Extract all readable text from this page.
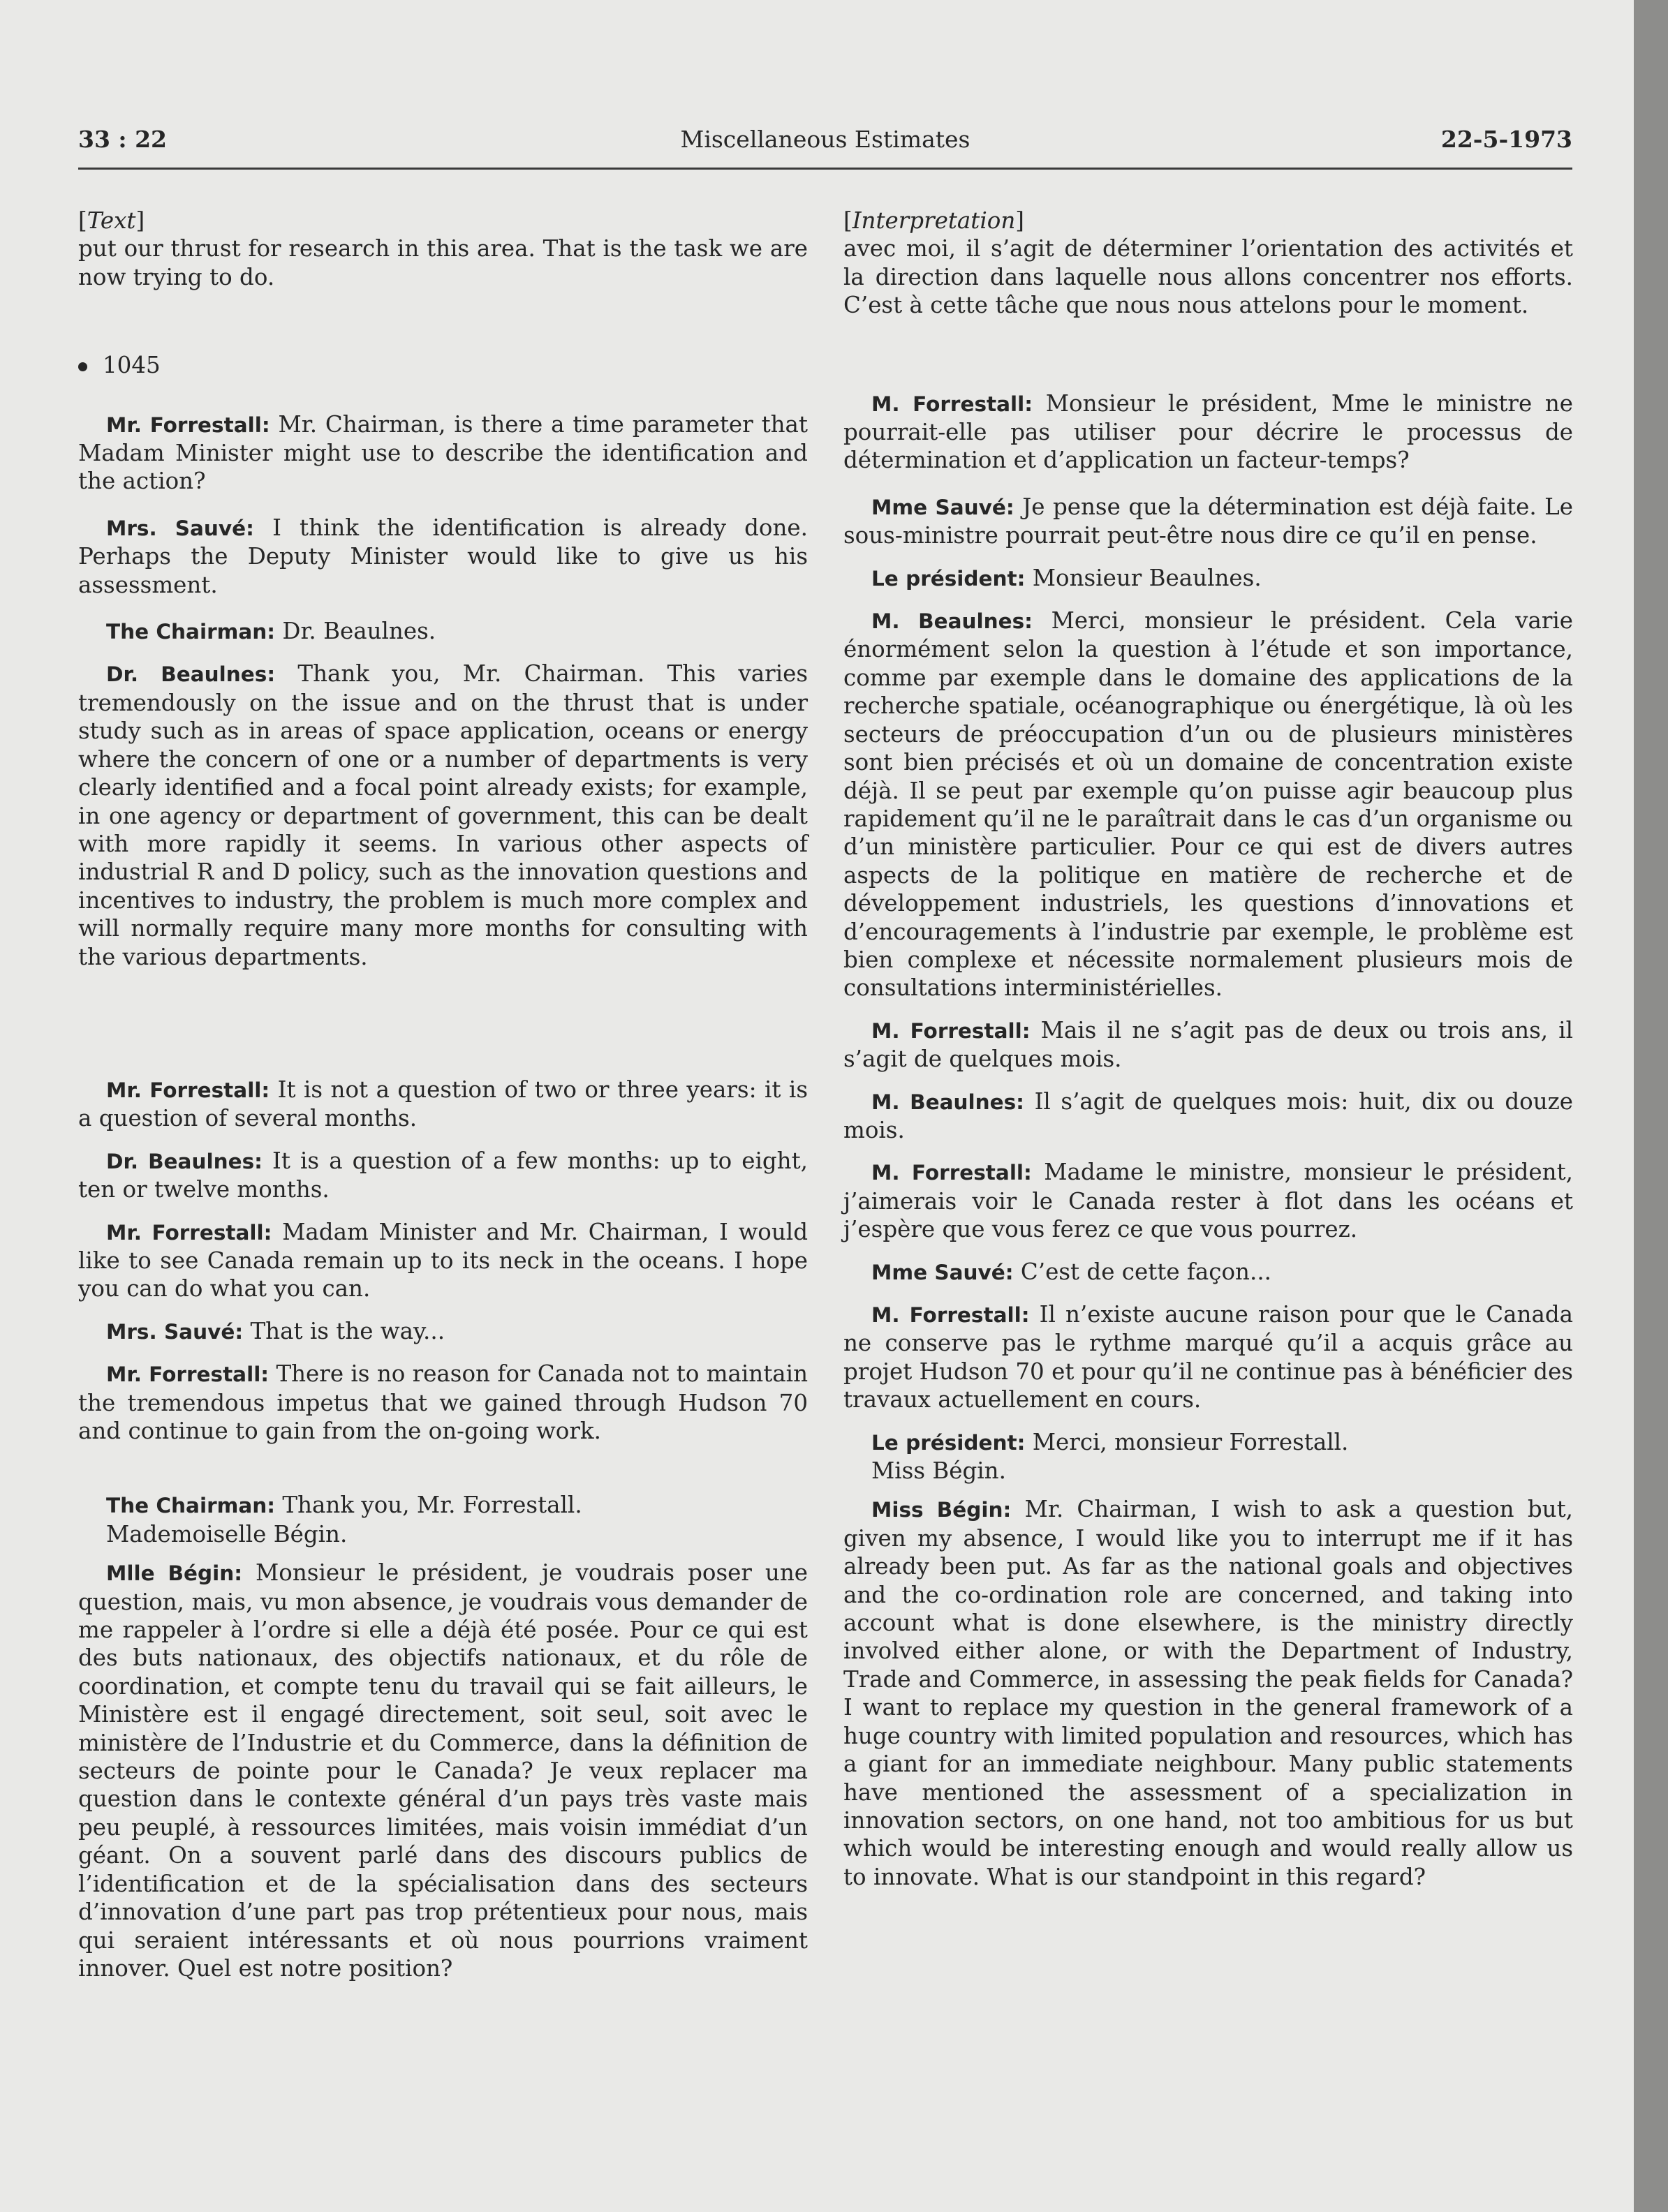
33 : 22	Miscellaneous Estimates	22-5-1973

[Text]

put our thrust for research in this area. That is the task we are now trying to do.

1045

Mr. Forrestall: Mr. Chairman, is there a time parameter that Madam Minister might use to describe the identification and the action?

Mrs. Sauvé: I think the identification is already done. Perhaps the Deputy Minister would like to give us his assessment.

The Chairman: Dr. Beaulnes.

Dr. Beaulnes: Thank you, Mr. Chairman. This varies tremendously on the issue and on the thrust that is under study such as in areas of space application, oceans or energy where the concern of one or a number of departments is very clearly identified and a focal point already exists; for example, in one agency or department of government, this can be dealt with more rapidly it seems. In various other aspects of industrial R and D policy, such as the innovation questions and incentives to industry, the problem is much more complex and will normally require many more months for consulting with the various departments.

Mr. Forrestall: It is not a question of two or three years: it is a question of several months.

Dr. Beaulnes: It is a question of a few months: up to eight, ten or twelve months.

Mr. Forrestall: Madam Minister and Mr. Chairman, I would like to see Canada remain up to its neck in the oceans. I hope you can do what you can.

Mrs. Sauvé: That is the way...

Mr. Forrestall: There is no reason for Canada not to maintain the tremendous impetus that we gained through Hudson 70 and continue to gain from the on-going work.

The Chairman: Thank you, Mr. Forrestall.

Mademoiselle Bégin.

Mlle Bégin: Monsieur le président, je voudrais poser une question, mais, vu mon absence, je voudrais vous demander de me rappeler à l’ordre si elle a déjà été posée. Pour ce qui est des buts nationaux, des objectifs nationaux, et du rôle de coordination, et compte tenu du travail qui se fait ailleurs, le Ministère est il engagé directement, soit seul, soit avec le ministère de l’Industrie et du Commerce, dans la définition de secteurs de pointe pour le Canada? Je veux replacer ma question dans le contexte général d’un pays très vaste mais peu peuplé, à ressources limitées, mais voisin immédiat d’un géant. On a souvent parlé dans des discours publics de l’identification et de la spécialisation dans des secteurs d’innovation d’une part pas trop prétentieux pour nous, mais qui seraient intéressants et où nous pourrions vraiment innover. Quel est notre position?

[Interpretation]

avec moi, il s’agit de déterminer l’orientation des activités et la direction dans laquelle nous allons concentrer nos efforts. C’est à cette tâche que nous nous attelons pour le moment.

M. Forrestall: Monsieur le président, Mme le ministre ne pourrait-elle pas utiliser pour décrire le processus de détermination et d’application un facteur-temps?

Mme Sauvé: Je pense que la détermination est déjà faite. Le sous-ministre pourrait peut-être nous dire ce qu’il en pense.

Le président: Monsieur Beaulnes.

M. Beaulnes: Merci, monsieur le président. Cela varie énormément selon la question à l’étude et son importance, comme par exemple dans le domaine des applications de la recherche spatiale, océanographique ou énergétique, là où les secteurs de préoccupation d’un ou de plusieurs ministères sont bien précisés et où un domaine de concentration existe déjà. Il se peut par exemple qu’on puisse agir beaucoup plus rapidement qu’il ne le paraîtrait dans le cas d’un organisme ou d’un ministère particulier. Pour ce qui est de divers autres aspects de la politique en matière de recherche et de développement industriels, les questions d’innovations et d’encouragements à l’industrie par exemple, le problème est bien complexe et nécessite normalement plusieurs mois de consultations interministérielles.

M. Forrestall: Mais il ne s’agit pas de deux ou trois ans, il s’agit de quelques mois.

M. Beaulnes: Il s’agit de quelques mois: huit, dix ou douze mois.

M. Forrestall: Madame le ministre, monsieur le président, j’aimerais voir le Canada rester à flot dans les océans et j’espère que vous ferez ce que vous pourrez.

Mme Sauvé: C’est de cette façon...

M. Forrestall: Il n’existe aucune raison pour que le Canada ne conserve pas le rythme marqué qu’il a acquis grâce au projet Hudson 70 et pour qu’il ne continue pas à bénéficier des travaux actuellement en cours.

Le président: Merci, monsieur Forrestall.

Miss Bégin.

Miss Bégin: Mr. Chairman, I wish to ask a question but, given my absence, I would like you to interrupt me if it has already been put. As far as the national goals and objectives and the co-ordination role are concerned, and taking into account what is done elsewhere, is the ministry directly involved either alone, or with the Department of Industry, Trade and Commerce, in assessing the peak fields for Canada? I want to replace my question in the general framework of a huge country with limited population and resources, which has a giant for an immediate neighbour. Many public statements have mentioned the assessment of a specialization in innovation sectors, on one hand, not too ambitious for us but which would be interesting enough and would really allow us to innovate. What is our standpoint in this regard?
